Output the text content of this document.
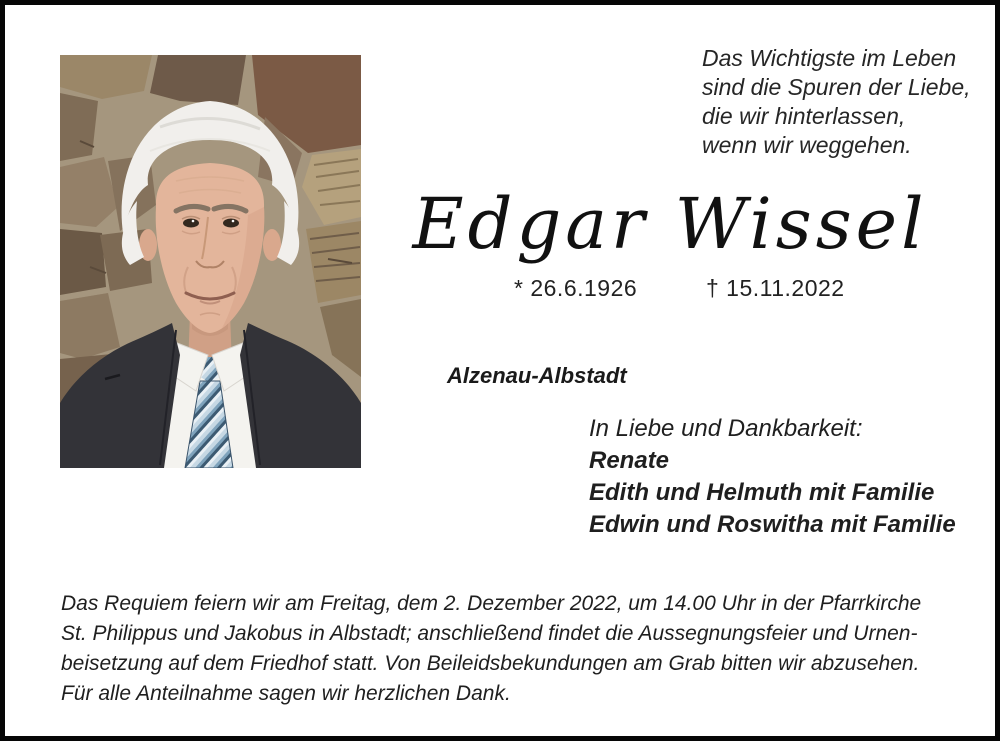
Das Wichtigste im Leben
sind die Spuren der Liebe,
die wir hinterlassen,
wenn wir weggehen.
Edgar Wissel
* 26.6.1926	† 15.11.2022
Alzenau-Albstadt
In Liebe und Dankbarkeit:
Renate
Edith und Helmuth mit Familie
Edwin und Roswitha mit Familie
Das Requiem feiern wir am Freitag, dem 2. Dezember 2022, um 14.00 Uhr in der Pfarrkirche
St. Philippus und Jakobus in Albstadt; anschließend findet die Aussegnungsfeier und Urnen-
beisetzung auf dem Friedhof statt. Von Beileidsbekundungen am Grab bitten wir abzusehen.
Für alle Anteilnahme sagen wir herzlichen Dank.
